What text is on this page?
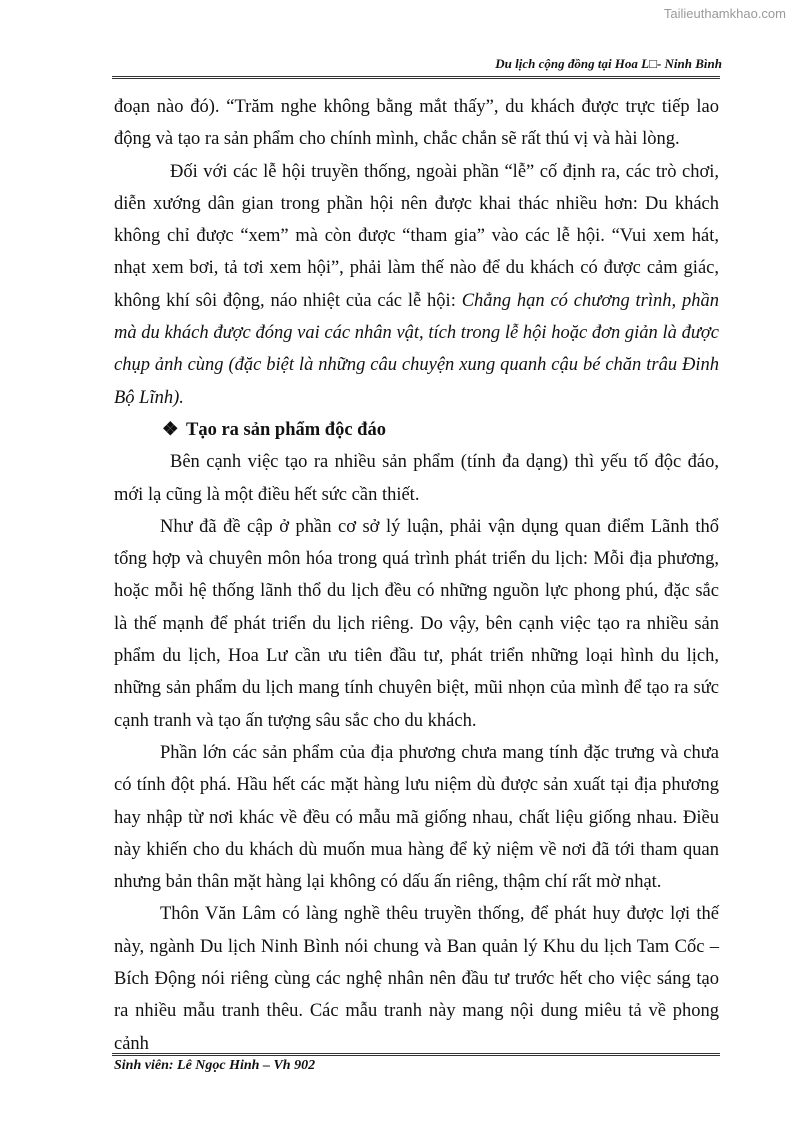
Tailieuthamkhao.com
Du lịch cộng đồng tại Hoa L□- Ninh Bình

đoạn nào đó). “Trăm nghe không bằng mắt thấy”, du khách được trực tiếp lao động và tạo ra sản phẩm cho chính mình, chắc chắn sẽ rất thú vị và hài lòng.

Đối với các lễ hội truyền thống, ngoài phần “lễ” cố định ra, các trò chơi, diễn xướng dân gian trong phần hội nên được khai thác nhiều hơn: Du khách không chỉ được “xem” mà còn được “tham gia” vào các lễ hội. “Vui xem hát, nhạt xem bơi, tả tơi xem hội”, phải làm thế nào để du khách có được cảm giác, không khí sôi động, náo nhiệt của các lễ hội: Chẳng hạn có chương trình, phần mà du khách được đóng vai các nhân vật, tích trong lễ hội hoặc đơn giản là được chụp ảnh cùng (đặc biệt là những câu chuyện xung quanh cậu bé chăn trâu Đinh Bộ Lĩnh).

❖ Tạo ra sản phẩm độc đáo

Bên cạnh việc tạo ra nhiều sản phẩm (tính đa dạng) thì yếu tố độc đáo, mới lạ cũng là một điều hết sức cần thiết.

Như đã đề cập ở phần cơ sở lý luận, phải vận dụng quan điểm Lãnh thổ tổng hợp và chuyên môn hóa trong quá trình phát triển du lịch: Mỗi địa phương, hoặc mỗi hệ thống lãnh thổ du lịch đều có những nguồn lực phong phú, đặc sắc là thế mạnh để phát triển du lịch riêng. Do vậy, bên cạnh việc tạo ra nhiều sản phẩm du lịch, Hoa Lư cần ưu tiên đầu tư, phát triển những loại hình du lịch, những sản phẩm du lịch mang tính chuyên biệt, mũi nhọn của mình để tạo ra sức cạnh tranh và tạo ấn tượng sâu sắc cho du khách.

Phần lớn các sản phẩm của địa phương chưa mang tính đặc trưng và chưa có tính đột phá. Hầu hết các mặt hàng lưu niệm dù được sản xuất tại địa phương hay nhập từ nơi khác về đều có mẫu mã giống nhau, chất liệu giống nhau. Điều này khiến cho du khách dù muốn mua hàng để kỷ niệm về nơi đã tới tham quan nhưng bản thân mặt hàng lại không có dấu ấn riêng, thậm chí rất mờ nhạt.

Thôn Văn Lâm có làng nghề thêu truyền thống, để phát huy được lợi thế này, ngành Du lịch Ninh Bình nói chung và Ban quản lý Khu du lịch Tam Cốc – Bích Động nói riêng cùng các nghệ nhân nên đầu tư trước hết cho việc sáng tạo ra nhiều mẫu tranh thêu. Các mẫu tranh này mang nội dung miêu tả về phong cảnh

Sinh viên: Lê Ngọc Hinh – Vh 902
